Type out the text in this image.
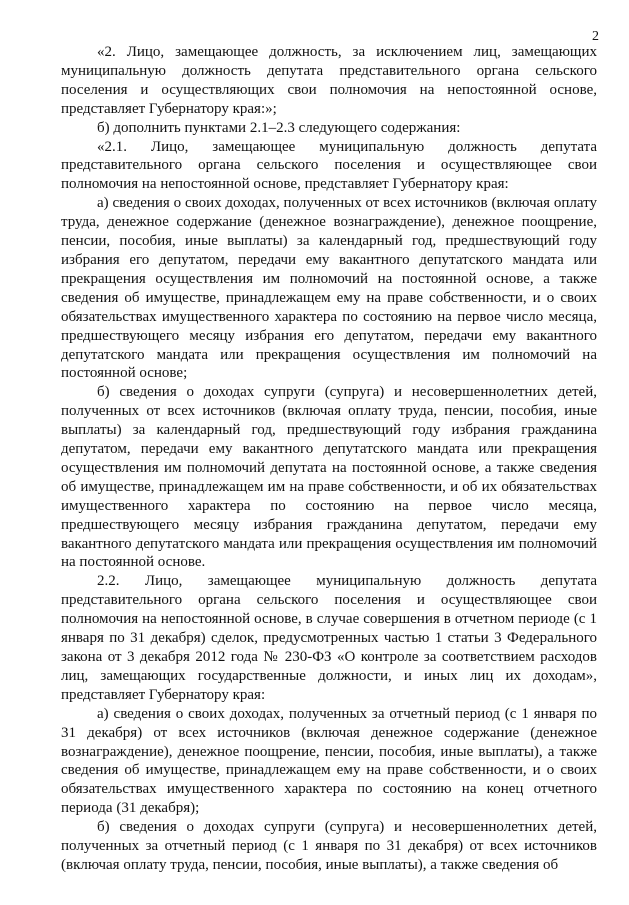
2

«2. Лицо, замещающее должность, за исключением лиц, замещающих муниципальную должность депутата представительного органа сельского поселения и осуществляющих свои полномочия на непостоянной основе, представляет Губернатору края:»;

б) дополнить пунктами 2.1–2.3 следующего содержания:

«2.1. Лицо, замещающее муниципальную должность депутата представительного органа сельского поселения и осуществляющее свои полномочия на непостоянной основе, представляет Губернатору края:

а) сведения о своих доходах, полученных от всех источников (включая оплату труда, денежное содержание (денежное вознаграждение), денежное поощрение, пенсии, пособия, иные выплаты) за календарный год, предшествующий году избрания его депутатом, передачи ему вакантного депутатского мандата или прекращения осуществления им полномочий на постоянной основе, а также сведения об имуществе, принадлежащем ему на праве собственности, и о своих обязательствах имущественного характера по состоянию на первое число месяца, предшествующего месяцу избрания его депутатом, передачи ему вакантного депутатского мандата или прекращения осуществления им полномочий на постоянной основе;

б) сведения о доходах супруги (супруга) и несовершеннолетних детей, полученных от всех источников (включая оплату труда, пенсии, пособия, иные выплаты) за календарный год, предшествующий году избрания гражданина депутатом, передачи ему вакантного депутатского мандата или прекращения осуществления им полномочий депутата на постоянной основе, а также сведения об имуществе, принадлежащем им на праве собственности, и об их обязательствах имущественного характера по состоянию на первое число месяца, предшествующего месяцу избрания гражданина депутатом, передачи ему вакантного депутатского мандата или прекращения осуществления им полномочий на постоянной основе.

2.2. Лицо, замещающее муниципальную должность депутата представительного органа сельского поселения и осуществляющее свои полномочия на непостоянной основе, в случае совершения в отчетном периоде (с 1 января по 31 декабря) сделок, предусмотренных частью 1 статьи 3 Федерального закона от 3 декабря 2012 года № 230-ФЗ «О контроле за соответствием расходов лиц, замещающих государственные должности, и иных лиц их доходам», представляет Губернатору края:

а) сведения о своих доходах, полученных за отчетный период (с 1 января по 31 декабря) от всех источников (включая денежное содержание (денежное вознаграждение), денежное поощрение, пенсии, пособия, иные выплаты), а также сведения об имуществе, принадлежащем ему на праве собственности, и о своих обязательствах имущественного характера по состоянию на конец отчетного периода (31 декабря);

б) сведения о доходах супруги (супруга) и несовершеннолетних детей, полученных за отчетный период (с 1 января по 31 декабря) от всех источников (включая оплату труда, пенсии, пособия, иные выплаты), а также сведения об
